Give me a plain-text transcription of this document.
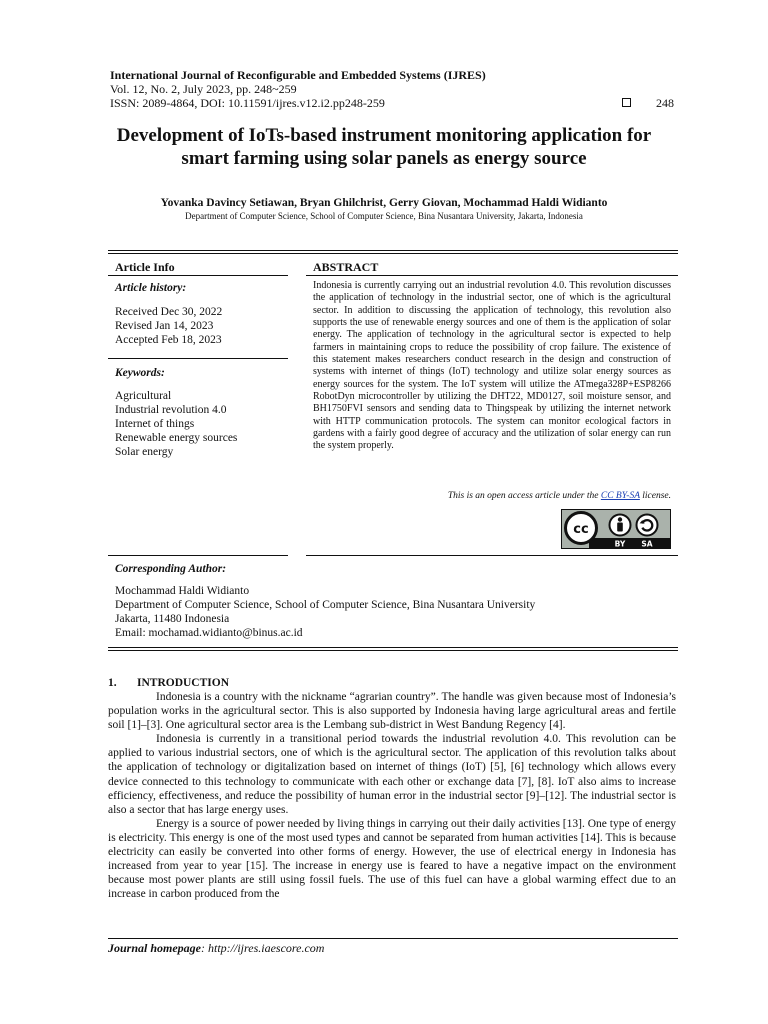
International Journal of Reconfigurable and Embedded Systems (IJRES)
Vol. 12, No. 2, July 2023, pp. 248~259
ISSN: 2089-4864, DOI: 10.11591/ijres.v12.i2.pp248-259	248
Development of IoTs-based instrument monitoring application for smart farming using solar panels as energy source
Yovanka Davincy Setiawan, Bryan Ghilchrist, Gerry Giovan, Mochammad Haldi Widianto
Department of Computer Science, School of Computer Science, Bina Nusantara University, Jakarta, Indonesia
Article Info	ABSTRACT
Article history:
Received Dec 30, 2022
Revised Jan 14, 2023
Accepted Feb 18, 2023
Keywords:
Agricultural
Industrial revolution 4.0
Internet of things
Renewable energy sources
Solar energy

Indonesia is currently carrying out an industrial revolution 4.0. This revolution discusses the application of technology in the industrial sector, one of which is the agricultural sector. In addition to discussing the application of technology, this revolution also supports the use of renewable energy sources and one of them is the application of solar energy. The application of technology in the agricultural sector is expected to help farmers in maintaining crops to reduce the possibility of crop failure. The existence of this statement makes researchers conduct research in the design and construction of systems with internet of things (IoT) technology and utilize solar energy sources as energy sources for the system. The IoT system will utilize the ATmega328P+ESP8266 RobotDyn microcontroller by utilizing the DHT22, MD0127, soil moisture sensor, and BH1750FVI sensors and sending data to Thingspeak by utilizing the internet network with HTTP communication protocols. The system can monitor ecological factors in gardens with a fairly good degree of accuracy and the utilization of solar energy can run the system properly.

This is an open access article under the CC BY-SA license.
cc
BY SA
Corresponding Author:
Mochammad Haldi Widianto
Department of Computer Science, School of Computer Science, Bina Nusantara University
Jakarta, 11480 Indonesia
Email: mochamad.widianto@binus.ac.id
1. INTRODUCTION

Indonesia is a country with the nickname “agrarian country”. The handle was given because most of Indonesia’s population works in the agricultural sector. This is also supported by Indonesia having large agricultural areas and fertile soil [1]–[3]. One agricultural sector area is the Lembang sub-district in West Bandung Regency [4].

Indonesia is currently in a transitional period towards the industrial revolution 4.0. This revolution can be applied to various industrial sectors, one of which is the agricultural sector. The application of this revolution talks about the application of technology or digitalization based on internet of things (IoT) [5], [6] technology which allows every device connected to this technology to communicate with each other or exchange data [7], [8]. IoT also aims to increase efficiency, effectiveness, and reduce the possibility of human error in the industrial sector [9]–[12]. The industrial sector is also a sector that has large energy uses.

Energy is a source of power needed by living things in carrying out their daily activities [13]. One type of energy is electricity. This energy is one of the most used types and cannot be separated from human activities [14]. This is because electricity can easily be converted into other forms of energy. However, the use of electrical energy in Indonesia has increased from year to year [15]. The increase in energy use is feared to have a negative impact on the environment because most power plants are still using fossil fuels. The use of this fuel can have a global warming effect due to an increase in carbon produced from the

Journal homepage: http://ijres.iaescore.com
